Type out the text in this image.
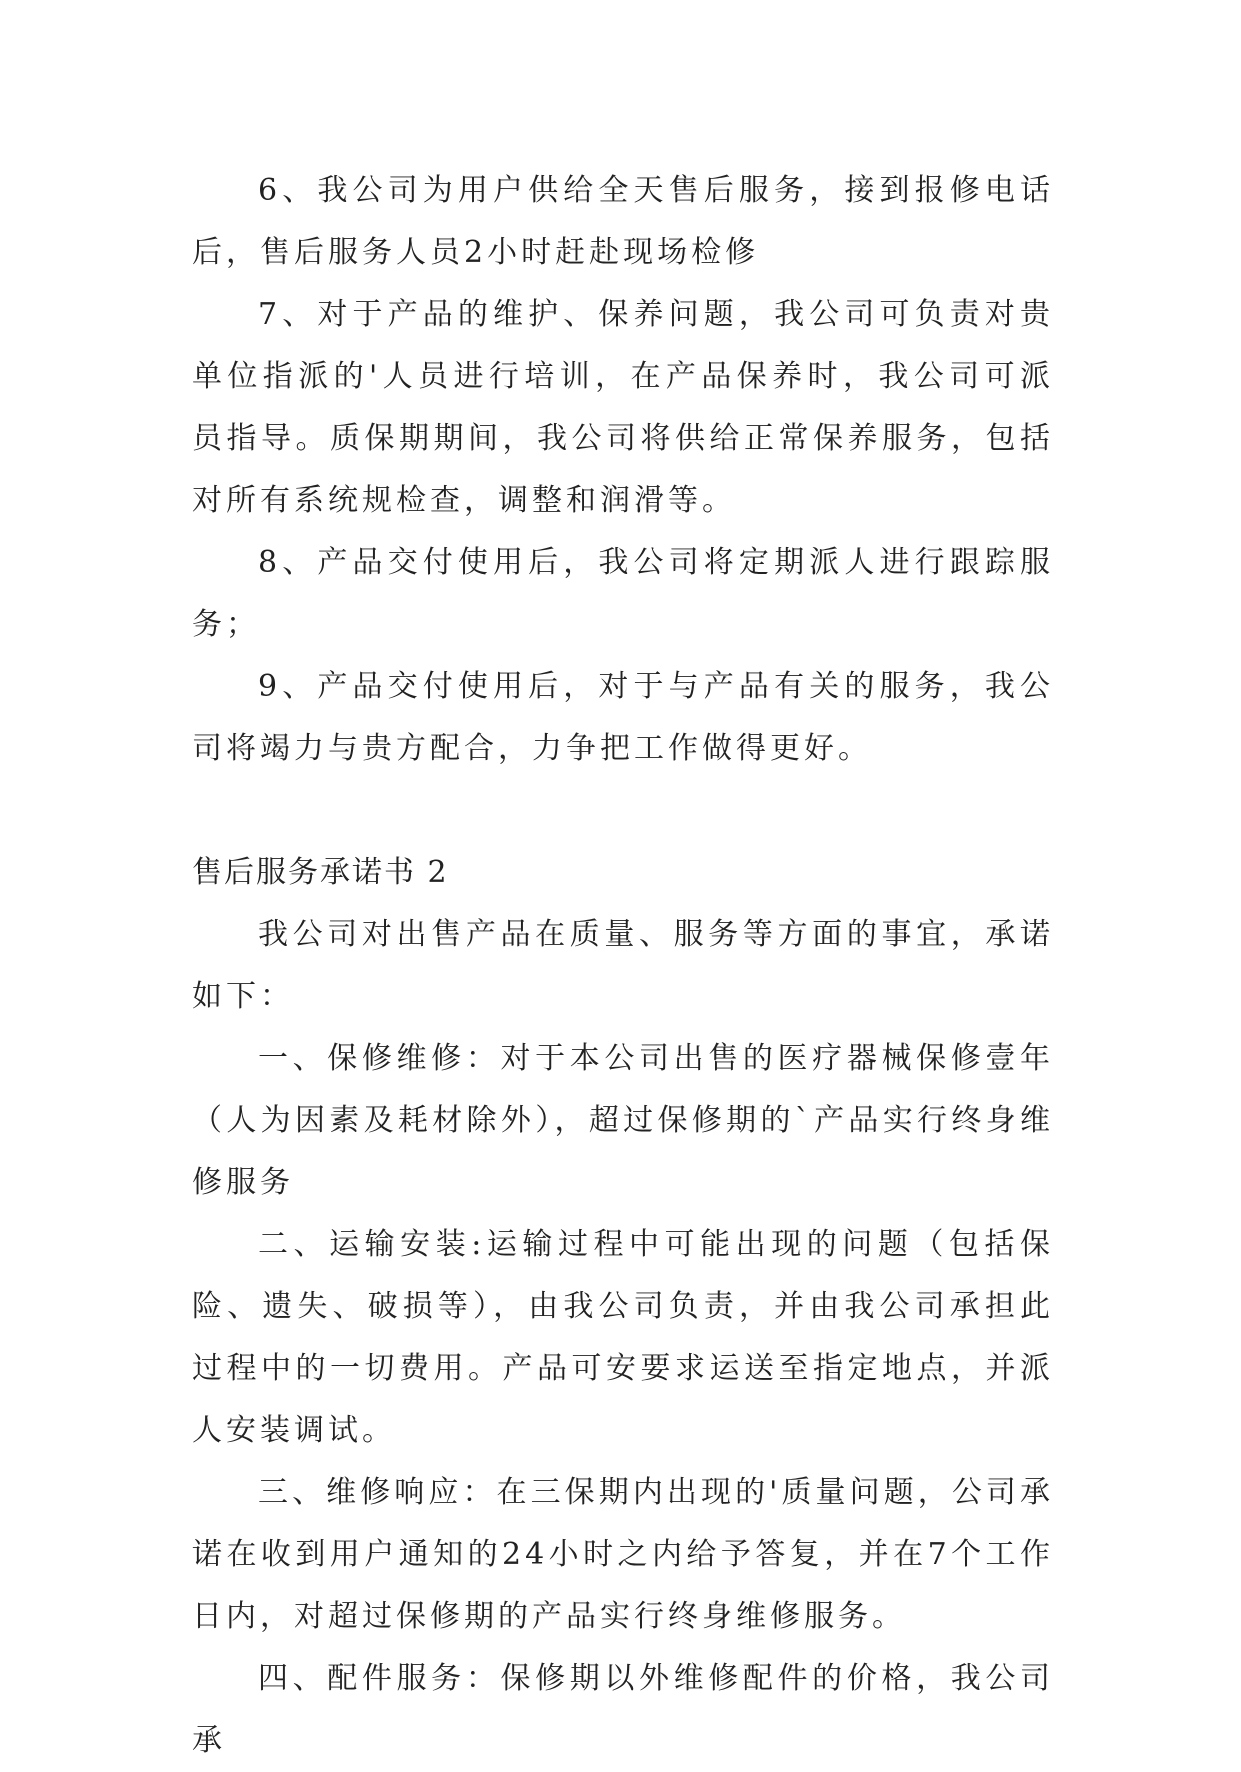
6、我公司为用户供给全天售后服务，接到报修电话后，售后服务人员2小时赶赴现场检修

7、对于产品的维护、保养问题，我公司可负责对贵单位指派的'人员进行培训，在产品保养时，我公司可派员指导。质保期期间，我公司将供给正常保养服务，包括对所有系统规检查，调整和润滑等。

8、产品交付使用后，我公司将定期派人进行跟踪服务；

9、产品交付使用后，对于与产品有关的服务，我公司将竭力与贵方配合，力争把工作做得更好。

售后服务承诺书 2

我公司对出售产品在质量、服务等方面的事宜，承诺如下：

一、保修维修：对于本公司出售的医疗器械保修壹年（人为因素及耗材除外），超过保修期的`产品实行终身维修服务

二、运输安装:运输过程中可能出现的问题（包括保险、遗失、破损等），由我公司负责，并由我公司承担此过程中的一切费用。产品可安要求运送至指定地点，并派人安装调试。

三、维修响应：在三保期内出现的'质量问题，公司承诺在收到用户通知的24小时之内给予答复，并在7个工作日内，对超过保修期的产品实行终身维修服务。

四、配件服务：保修期以外维修配件的价格，我公司承
